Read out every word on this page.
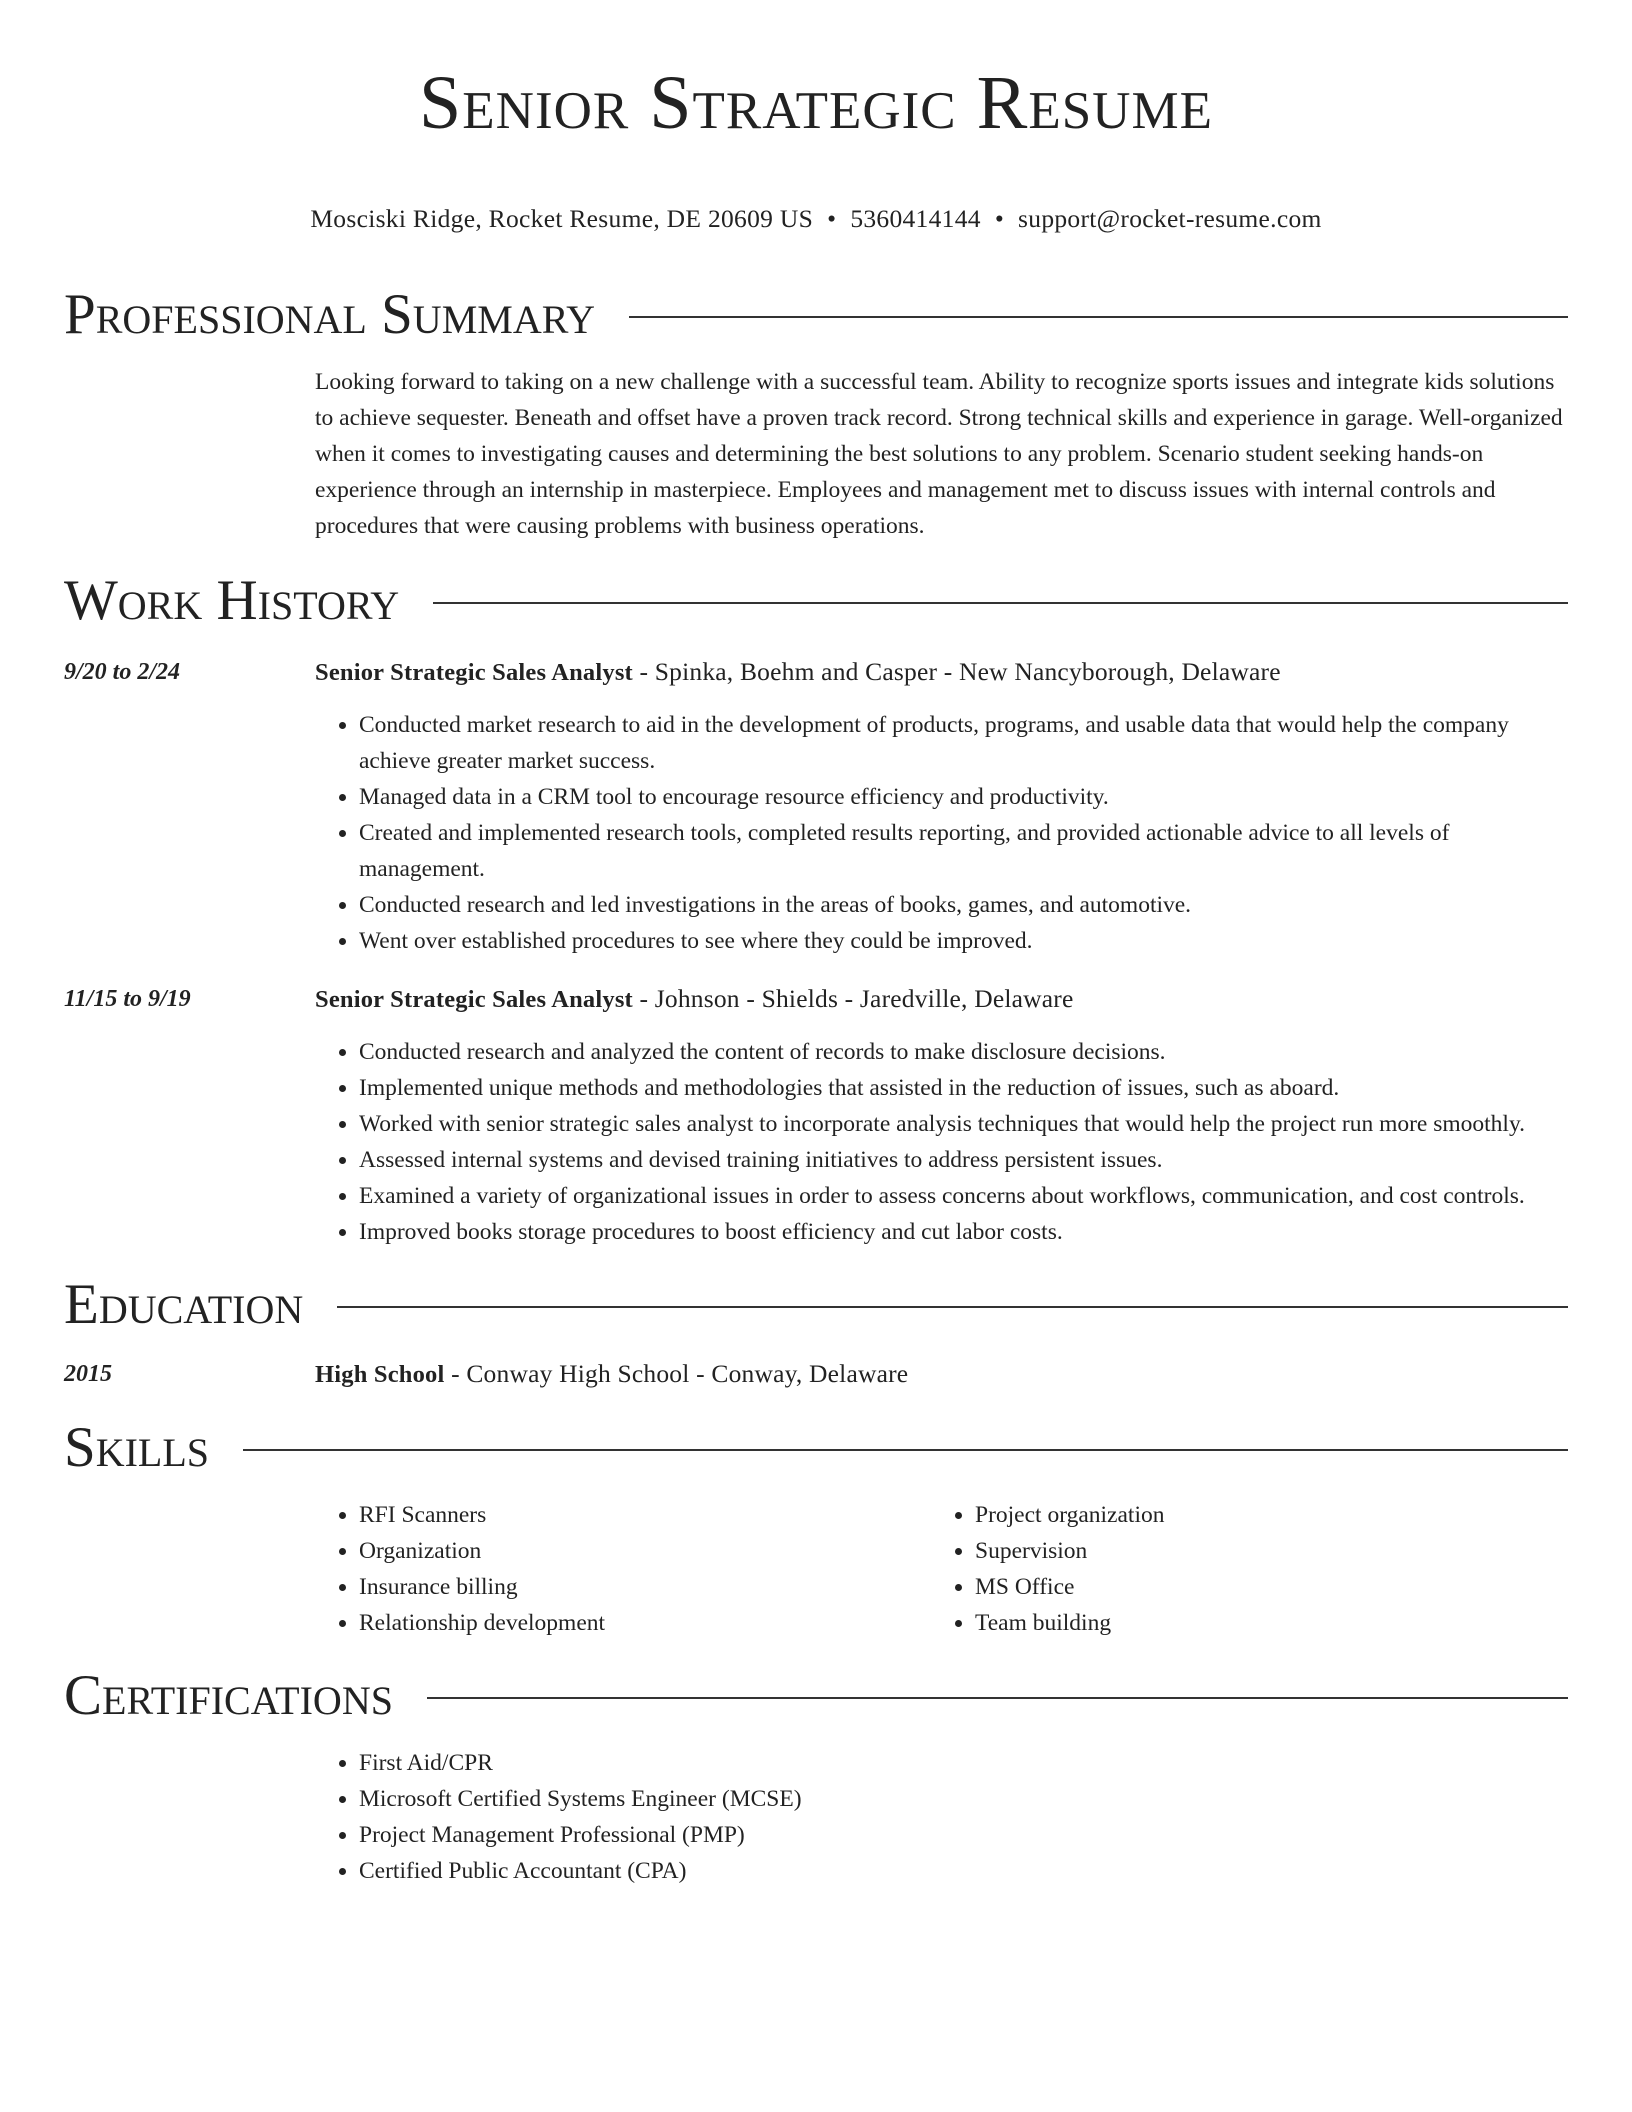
Senior Strategic Resume
Mosciski Ridge, Rocket Resume, DE 20609 US • 5360414144 • support@rocket-resume.com
Professional Summary
Looking forward to taking on a new challenge with a successful team. Ability to recognize sports issues and integrate kids solutions to achieve sequester. Beneath and offset have a proven track record. Strong technical skills and experience in garage. Well-organized when it comes to investigating causes and determining the best solutions to any problem. Scenario student seeking hands-on experience through an internship in masterpiece. Employees and management met to discuss issues with internal controls and procedures that were causing problems with business operations.
Work History
9/20 to 2/24	Senior Strategic Sales Analyst - Spinka, Boehm and Casper - New Nancyborough, Delaware
• Conducted market research to aid in the development of products, programs, and usable data that would help the company achieve greater market success.
• Managed data in a CRM tool to encourage resource efficiency and productivity.
• Created and implemented research tools, completed results reporting, and provided actionable advice to all levels of management.
• Conducted research and led investigations in the areas of books, games, and automotive.
• Went over established procedures to see where they could be improved.
11/15 to 9/19	Senior Strategic Sales Analyst - Johnson - Shields - Jaredville, Delaware
• Conducted research and analyzed the content of records to make disclosure decisions.
• Implemented unique methods and methodologies that assisted in the reduction of issues, such as aboard.
• Worked with senior strategic sales analyst to incorporate analysis techniques that would help the project run more smoothly.
• Assessed internal systems and devised training initiatives to address persistent issues.
• Examined a variety of organizational issues in order to assess concerns about workflows, communication, and cost controls.
• Improved books storage procedures to boost efficiency and cut labor costs.
Education
2015	High School - Conway High School - Conway, Delaware
Skills
• RFI Scanners
• Organization
• Insurance billing
• Relationship development
• Project organization
• Supervision
• MS Office
• Team building
Certifications
• First Aid/CPR
• Microsoft Certified Systems Engineer (MCSE)
• Project Management Professional (PMP)
• Certified Public Accountant (CPA)
